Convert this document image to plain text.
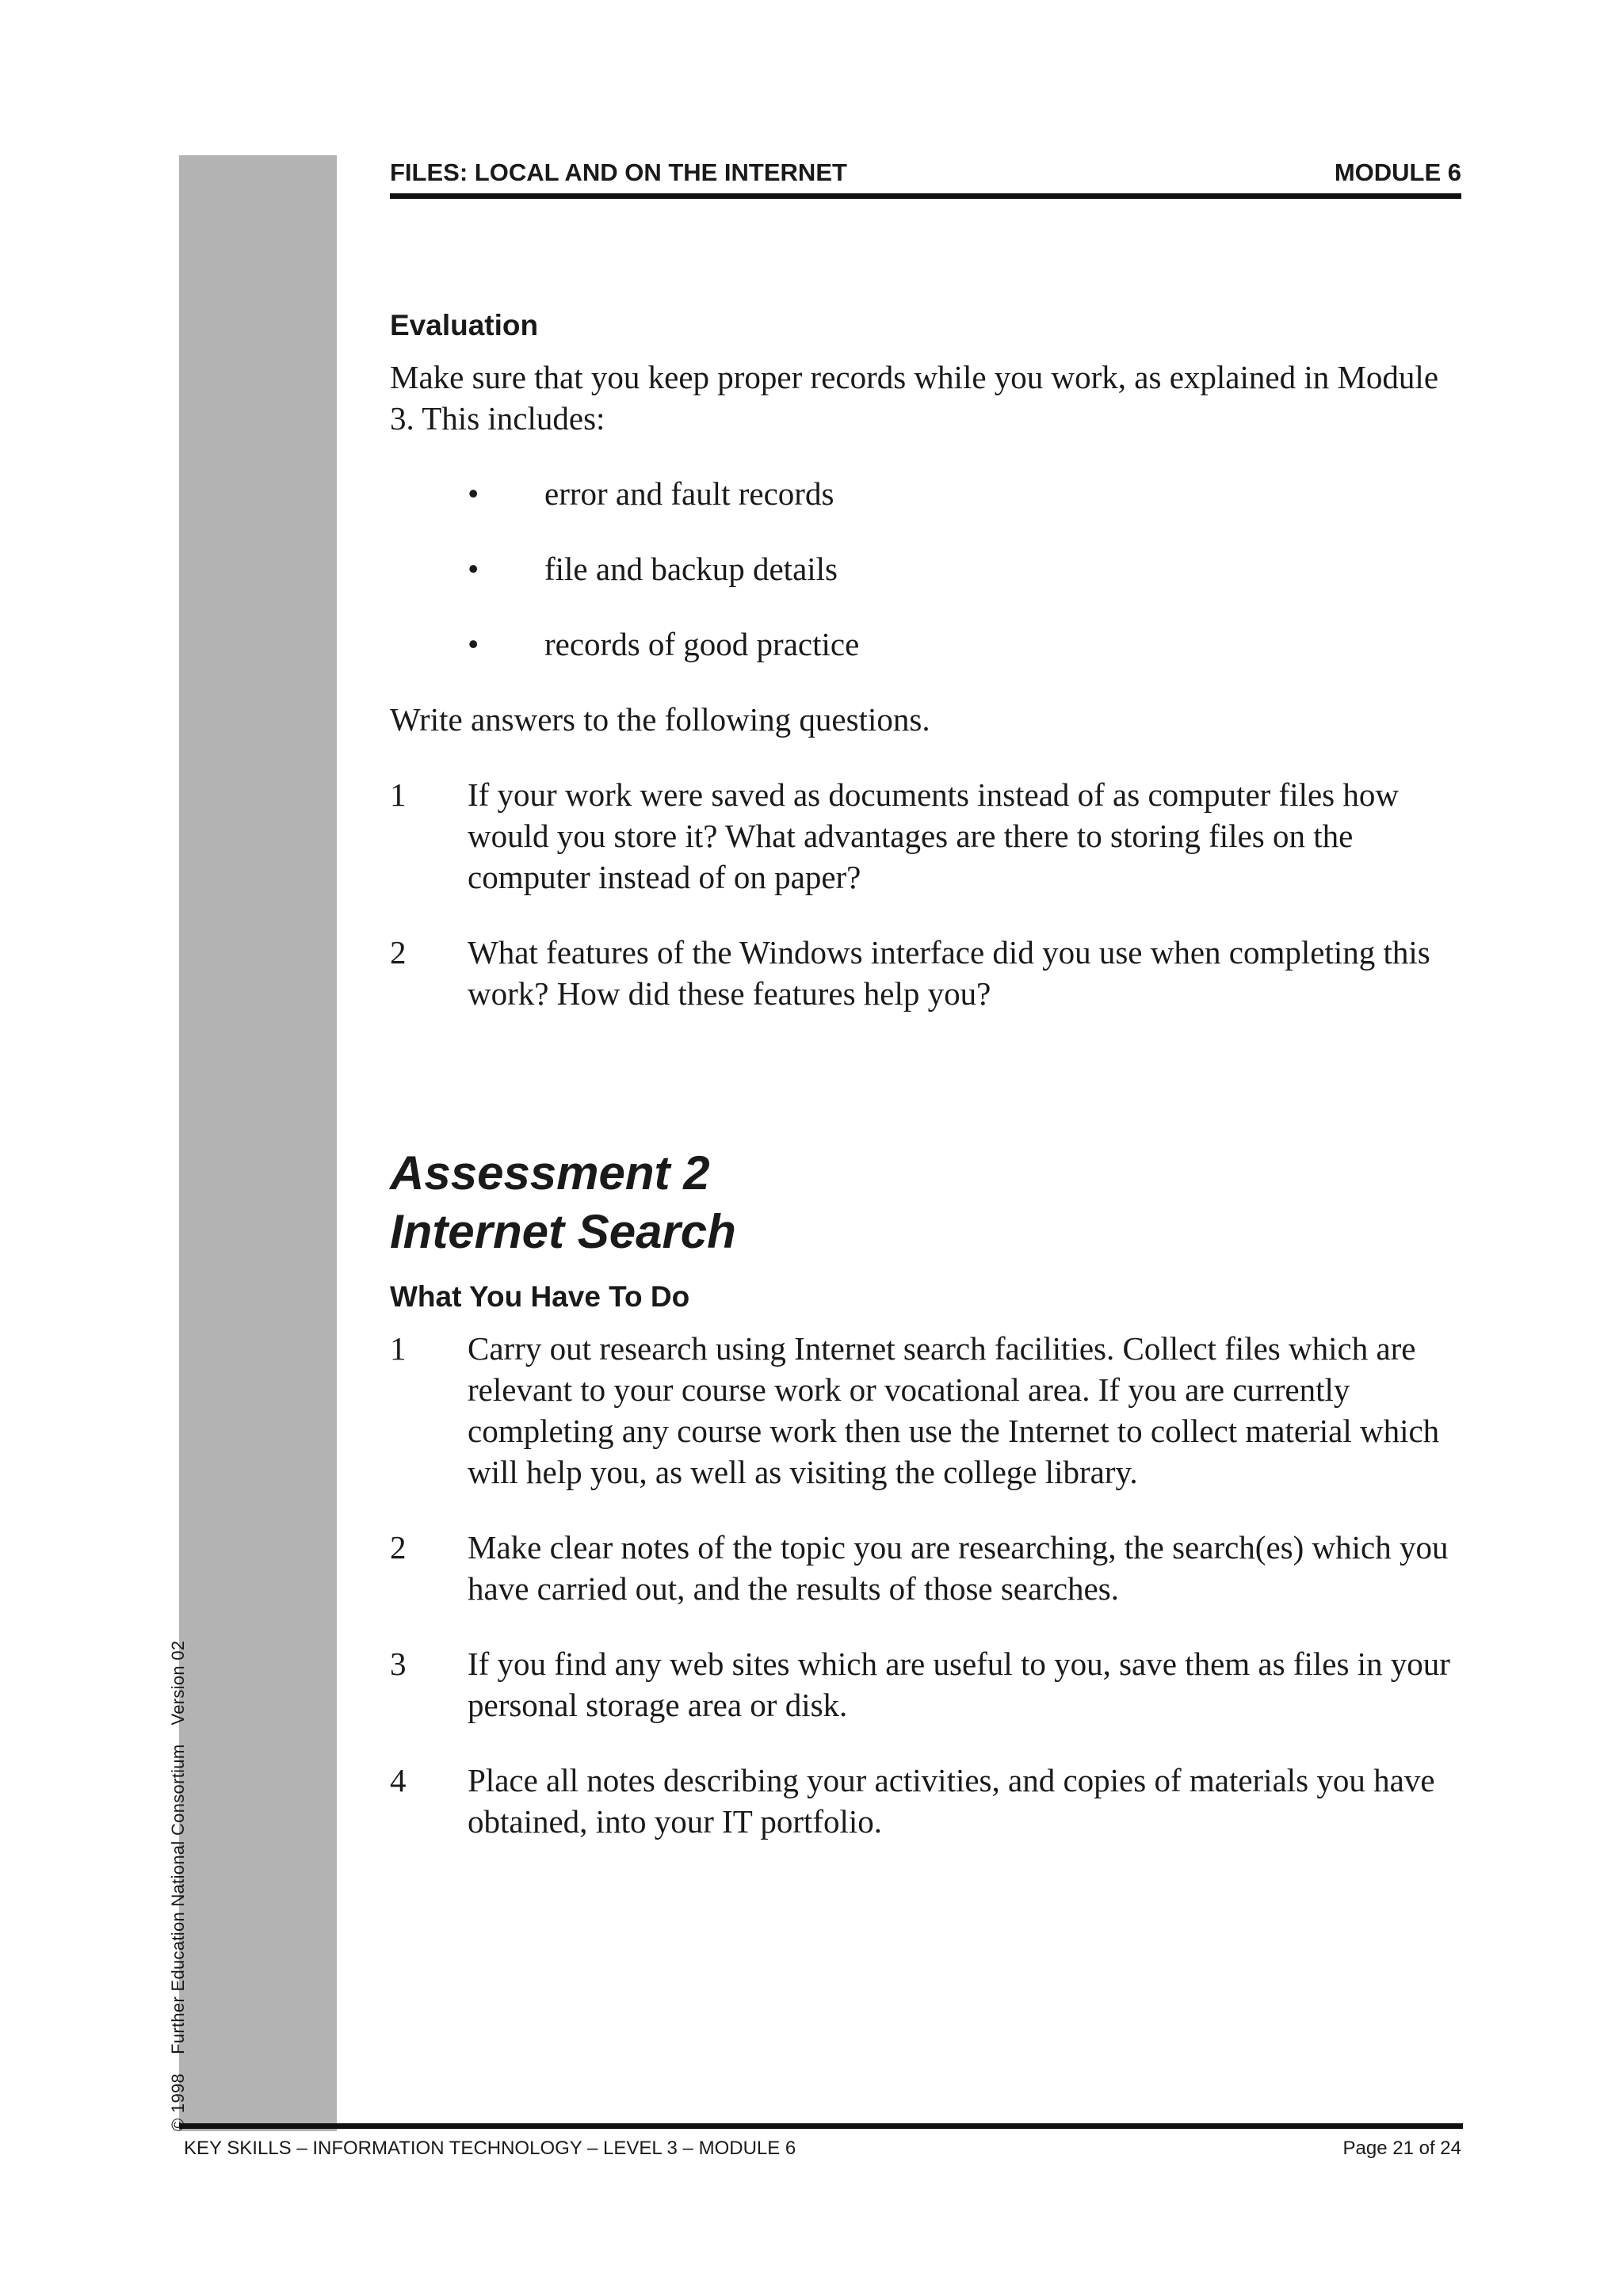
© 1998Further Education National ConsortiumVersion 02
FILES: LOCAL AND ON THE INTERNET	MODULE 6
Evaluation

Make sure that you keep proper records while you work, as explained in Module 3. This includes:

• error and fault records
• file and backup details
• records of good practice

Write answers to the following questions.

1 If your work were saved as documents instead of as computer files how would you store it? What advantages are there to storing files on the computer instead of on paper?
2 What features of the Windows interface did you use when completing this work? How did these features help you?
Assessment 2
Internet Search
What You Have To Do
1 Carry out research using Internet search facilities. Collect files which are relevant to your course work or vocational area. If you are currently completing any course work then use the Internet to collect material which will help you, as well as visiting the college library.
2 Make clear notes of the topic you are researching, the search(es) which you have carried out, and the results of those searches.
3 If you find any web sites which are useful to you, save them as files in your personal storage area or disk.
4 Place all notes describing your activities, and copies of materials you have obtained, into your IT portfolio.
KEY SKILLS – INFORMATION TECHNOLOGY – LEVEL 3 – MODULE 6	Page 21 of 24
